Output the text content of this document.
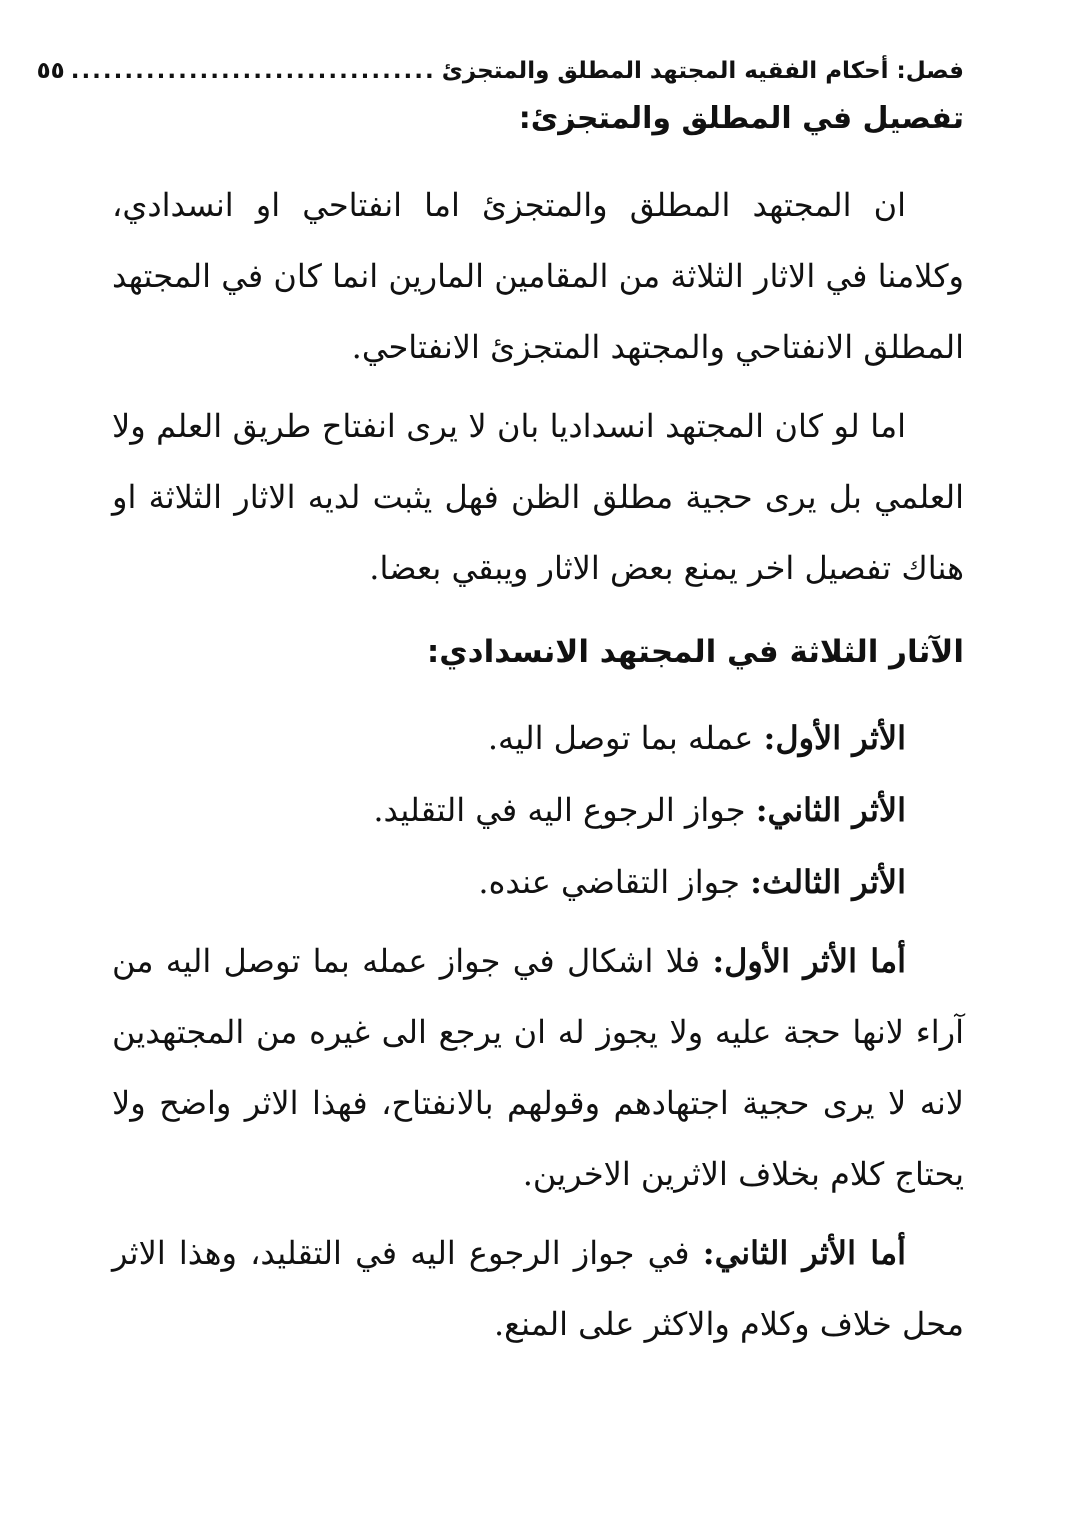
فصل: أحكام الفقيه المجتهد المطلق والمتجزئ
..................................
٥٥
تفصيل في المطلق والمتجزئ:

ان المجتهد المطلق والمتجزئ اما انفتاحي او انسدادي، وكلامنا في الاثار الثلاثة من المقامين المارين انما كان في المجتهد المطلق الانفتاحي والمجتهد المتجزئ الانفتاحي.

اما لو كان المجتهد انسداديا بان لا يرى انفتاح طريق العلم ولا العلمي بل يرى حجية مطلق الظن فهل يثبت لديه الاثار الثلاثة او هناك تفصيل اخر يمنع بعض الاثار ويبقي بعضا.

الآثار الثلاثة في المجتهد الانسدادي:

الأثر الأول: عمله بما توصل اليه.

الأثر الثاني: جواز الرجوع اليه في التقليد.

الأثر الثالث: جواز التقاضي عنده.

أما الأثر الأول: فلا اشكال في جواز عمله بما توصل اليه من آراء لانها حجة عليه ولا يجوز له ان يرجع الى غيره من المجتهدين لانه لا يرى حجية اجتهادهم وقولهم بالانفتاح، فهذا الاثر واضح ولا يحتاج كلام بخلاف الاثرين الاخرين.

أما الأثر الثاني: في جواز الرجوع اليه في التقليد، وهذا الاثر محل خلاف وكلام والاكثر على المنع.
